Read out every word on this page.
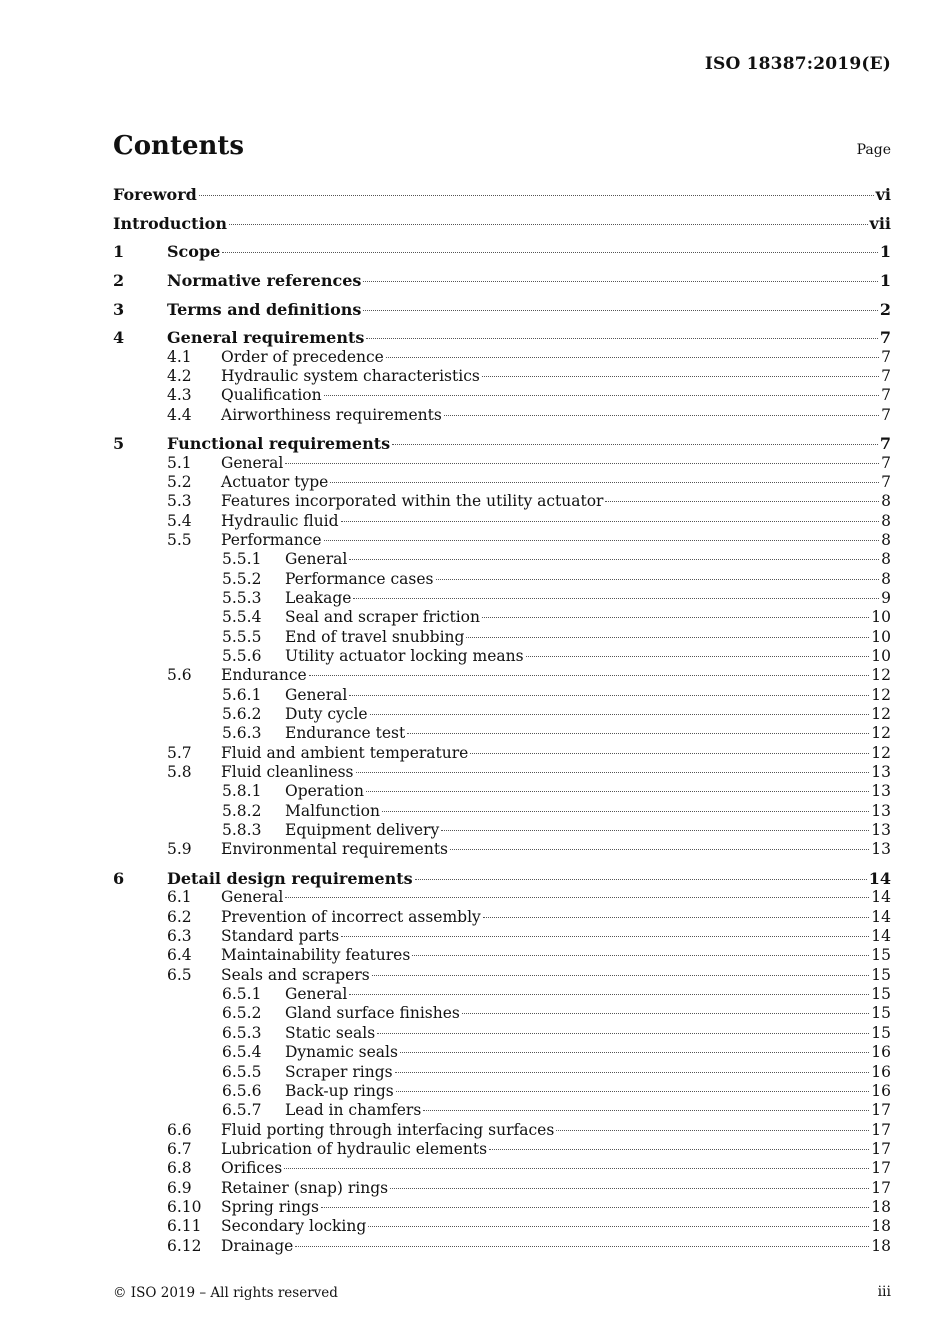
ISO 18387:2019(E)
Contents	Page
Foreword	vi
Introduction	vii
1	Scope	1
2	Normative references	1
3	Terms and definitions	2
4	General requirements	7
4.1	Order of precedence	7
4.2	Hydraulic system characteristics	7
4.3	Qualification	7
4.4	Airworthiness requirements	7
5	Functional requirements	7
5.1	General	7
5.2	Actuator type	7
5.3	Features incorporated within the utility actuator	8
5.4	Hydraulic fluid	8
5.5	Performance	8
5.5.1	General	8
5.5.2	Performance cases	8
5.5.3	Leakage	9
5.5.4	Seal and scraper friction	10
5.5.5	End of travel snubbing	10
5.5.6	Utility actuator locking means	10
5.6	Endurance	12
5.6.1	General	12
5.6.2	Duty cycle	12
5.6.3	Endurance test	12
5.7	Fluid and ambient temperature	12
5.8	Fluid cleanliness	13
5.8.1	Operation	13
5.8.2	Malfunction	13
5.8.3	Equipment delivery	13
5.9	Environmental requirements	13
6	Detail design requirements	14
6.1	General	14
6.2	Prevention of incorrect assembly	14
6.3	Standard parts	14
6.4	Maintainability features	15
6.5	Seals and scrapers	15
6.5.1	General	15
6.5.2	Gland surface finishes	15
6.5.3	Static seals	15
6.5.4	Dynamic seals	16
6.5.5	Scraper rings	16
6.5.6	Back-up rings	16
6.5.7	Lead in chamfers	17
6.6	Fluid porting through interfacing surfaces	17
6.7	Lubrication of hydraulic elements	17
6.8	Orifices	17
6.9	Retainer (snap) rings	17
6.10	Spring rings	18
6.11	Secondary locking	18
6.12	Drainage	18
© ISO 2019 – All rights reserved	iii
